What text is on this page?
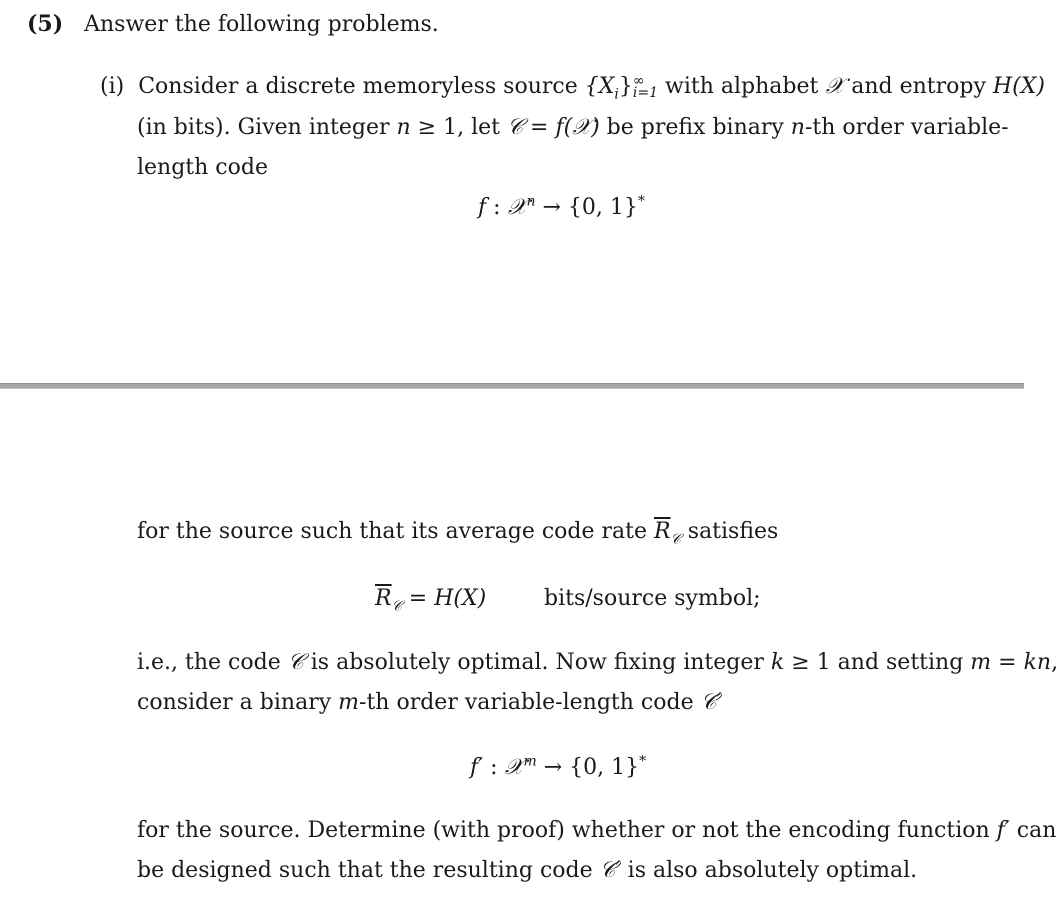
(5) Answer the following problems.
(i) Consider a discrete memoryless source $\{X_i\}$ ∞
i=1 with alphabet 𝒳 and entropy H(X)
(in bits). Given integer n ≥ 1, let 𝒞 = f(𝒳) be prefix binary n-th order variable-
length code
f : 𝒳$^n$ → {0, 1}*
for the source such that its average code rate $\overline{R}_𝒞$ satisfies
$\overline{R}_𝒞 = H(X)$	bits/source symbol;
i.e., the code 𝒞 is absolutely optimal. Now fixing integer k ≥ 1 and setting m = kn,
consider a binary m-th order variable-length code 𝒞′
f′ : 𝒳$^m$ → {0, 1}*
for the source. Determine (with proof) whether or not the encoding function f′ can
be designed such that the resulting code 𝒞′ is also absolutely optimal.
